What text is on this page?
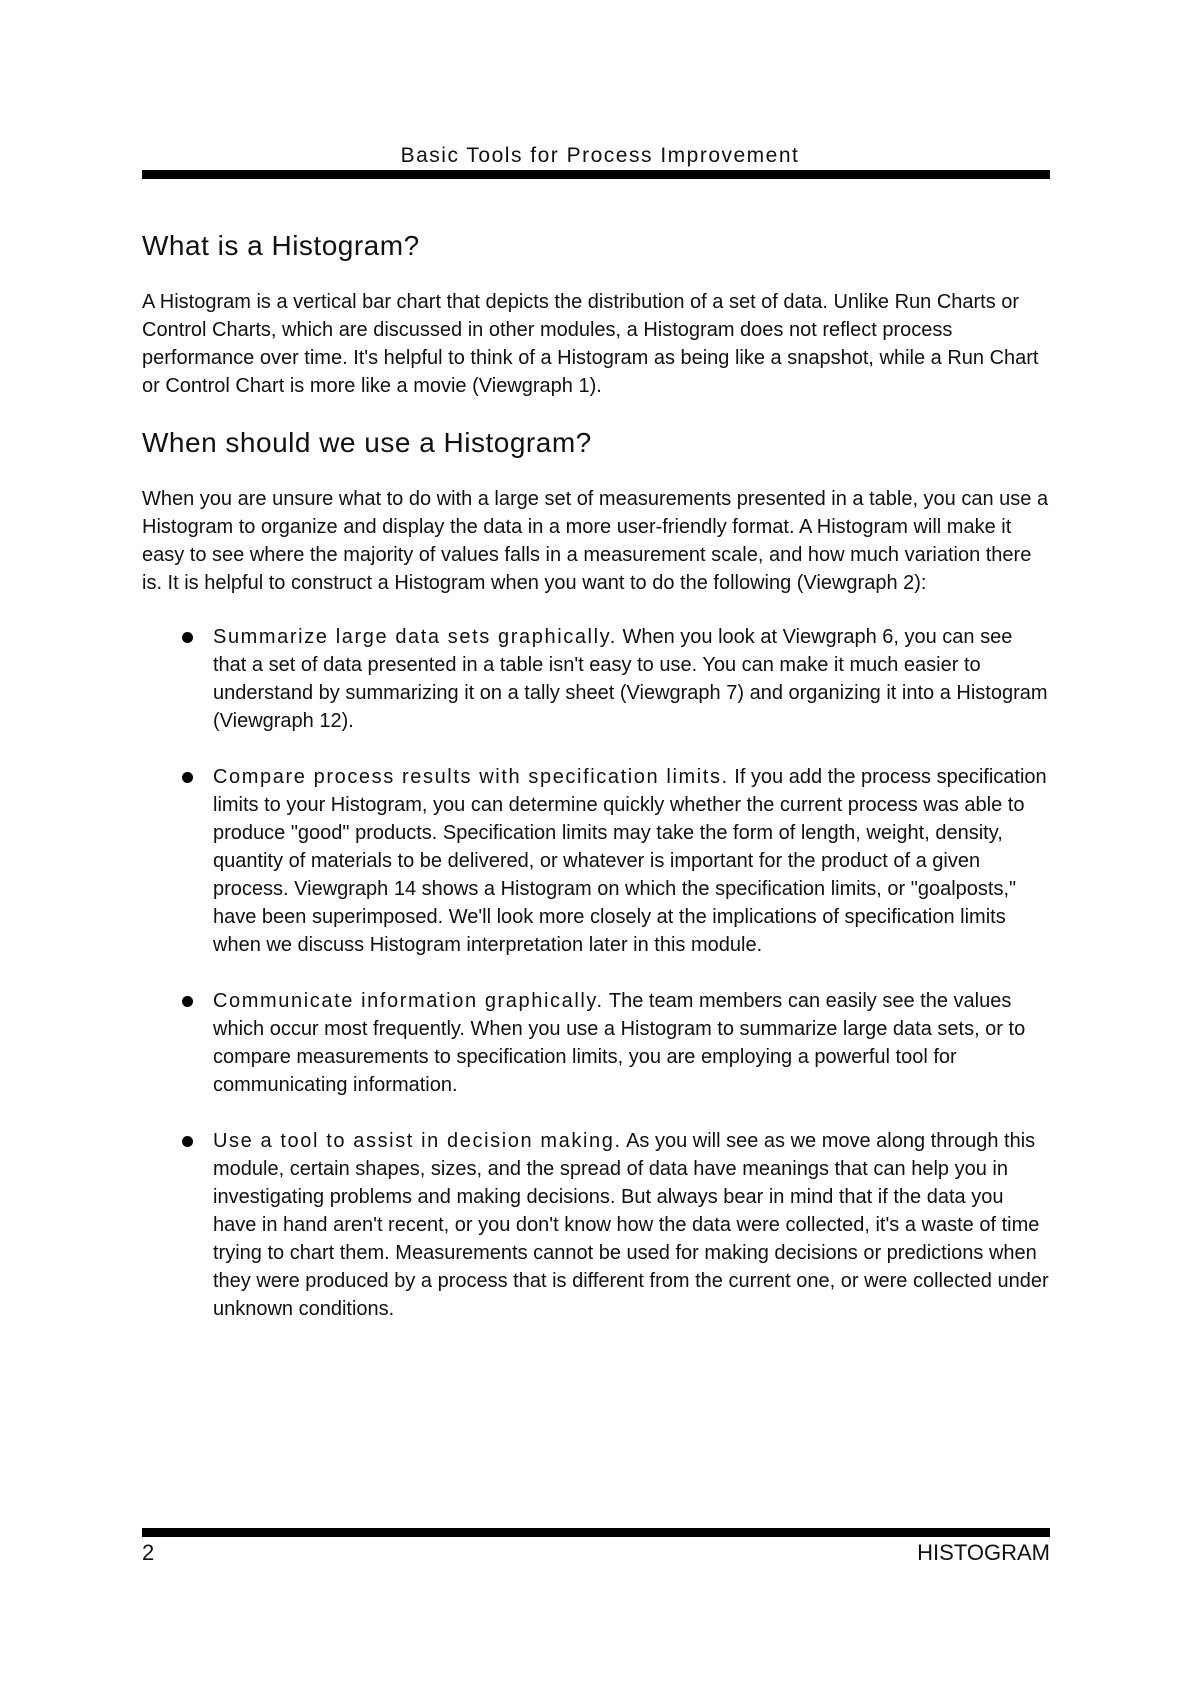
Basic Tools for Process Improvement
What is a Histogram?

A Histogram is a vertical bar chart that depicts the distribution of a set of data. Unlike Run Charts or Control Charts, which are discussed in other modules, a Histogram does not reflect process performance over time. It's helpful to think of a Histogram as being like a snapshot, while a Run Chart or Control Chart is more like a movie (Viewgraph 1).

When should we use a Histogram?

When you are unsure what to do with a large set of measurements presented in a table, you can use a Histogram to organize and display the data in a more user-friendly format. A Histogram will make it easy to see where the majority of values falls in a measurement scale, and how much variation there is. It is helpful to construct a Histogram when you want to do the following (Viewgraph 2):

Summarize large data sets graphically. When you look at Viewgraph 6, you can see that a set of data presented in a table isn't easy to use. You can make it much easier to understand by summarizing it on a tally sheet (Viewgraph 7) and organizing it into a Histogram (Viewgraph 12).
Compare process results with specification limits. If you add the process specification limits to your Histogram, you can determine quickly whether the current process was able to produce "good" products. Specification limits may take the form of length, weight, density, quantity of materials to be delivered, or whatever is important for the product of a given process. Viewgraph 14 shows a Histogram on which the specification limits, or "goalposts," have been superimposed. We'll look more closely at the implications of specification limits when we discuss Histogram interpretation later in this module.
Communicate information graphically. The team members can easily see the values which occur most frequently. When you use a Histogram to summarize large data sets, or to compare measurements to specification limits, you are employing a powerful tool for communicating information.
Use a tool to assist in decision making. As you will see as we move along through this module, certain shapes, sizes, and the spread of data have meanings that can help you in investigating problems and making decisions. But always bear in mind that if the data you have in hand aren't recent, or you don't know how the data were collected, it's a waste of time trying to chart them. Measurements cannot be used for making decisions or predictions when they were produced by a process that is different from the current one, or were collected under unknown conditions.
2	HISTOGRAM
